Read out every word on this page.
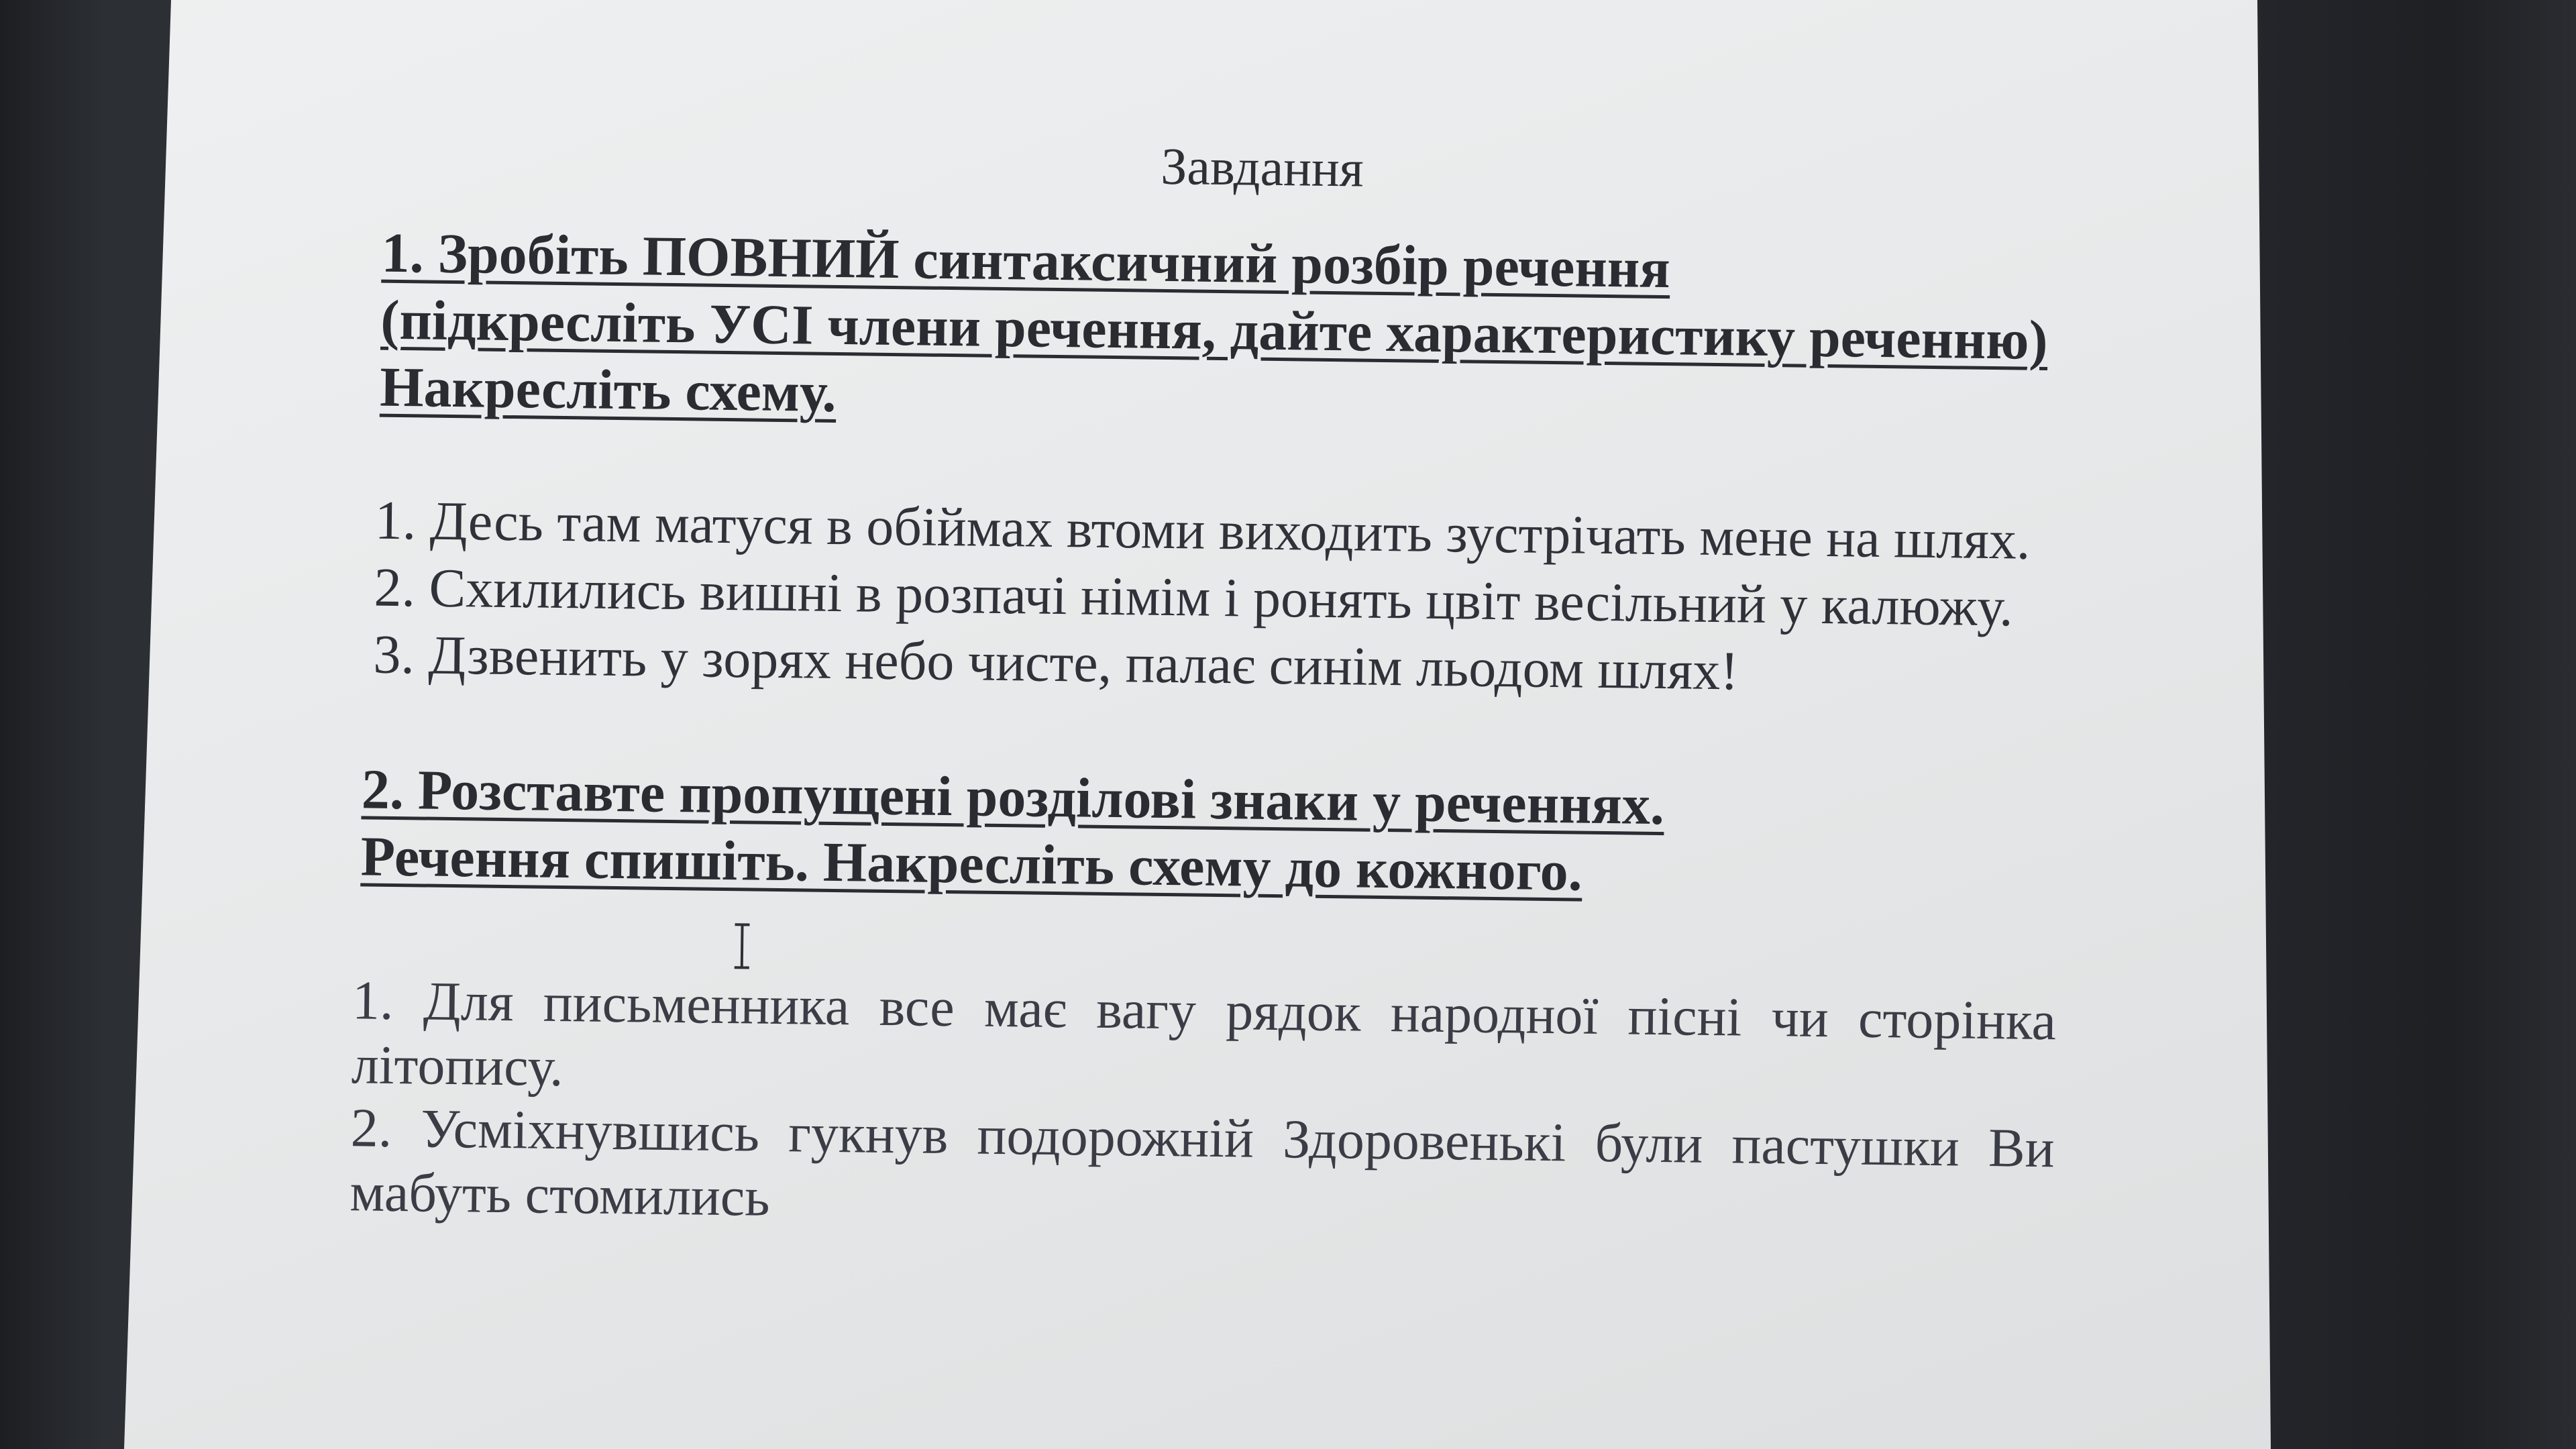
Завдання
1. Зробіть ПОВНИЙ синтаксичний розбір речення
(підкресліть УСІ члени речення, дайте характеристику реченню)
Накресліть схему.
1. Десь там матуся в обіймах втоми виходить зустрічать мене на шлях.
2. Схилились вишні в розпачі німім і ронять цвіт весільний у калюжу.
3. Дзвенить у зорях небо чисте, палає синім льодом шлях!
2. Розставте пропущені розділові знаки у реченнях.
Речення спишіть. Накресліть схему до кожного.
1. Для письменника все має вагу рядок народної пісні чи сторінка літопису.
2. Усміхнувшись гукнув подорожній Здоровенькі були пастушки Ви мабуть стомились
